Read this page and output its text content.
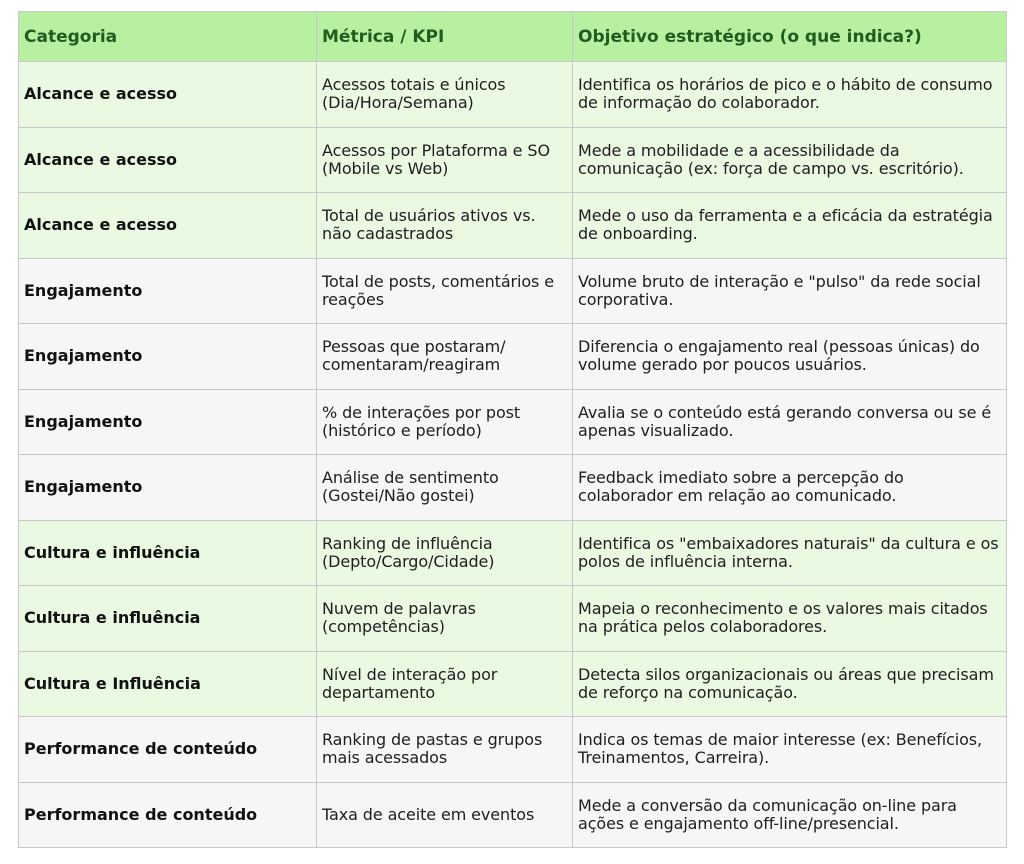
Categoria	Métrica / KPI	Objetivo estratégico (o que indica?)
Alcance e acesso	Acessos totais e únicos (Dia/Hora/Semana)	Identifica os horários de pico e o hábito de consumo de informação do colaborador.
Alcance e acesso	Acessos por Plataforma e SO (Mobile vs Web)	Mede a mobilidade e a acessibilidade da comunicação (ex: força de campo vs. escritório).
Alcance e acesso	Total de usuários ativos vs. não cadastrados	Mede o uso da ferramenta e a eficácia da estratégia de onboarding.
Engajamento	Total de posts, comentários e reações	Volume bruto de interação e "pulso" da rede social corporativa.
Engajamento	Pessoas que postaram/ comentaram/reagiram	Diferencia o engajamento real (pessoas únicas) do volume gerado por poucos usuários.
Engajamento	% de interações por post (histórico e período)	Avalia se o conteúdo está gerando conversa ou se é apenas visualizado.
Engajamento	Análise de sentimento (Gostei/Não gostei)	Feedback imediato sobre a percepção do colaborador em relação ao comunicado.
Cultura e influência	Ranking de influência (Depto/Cargo/Cidade)	Identifica os "embaixadores naturais" da cultura e os polos de influência interna.
Cultura e influência	Nuvem de palavras (competências)	Mapeia o reconhecimento e os valores mais citados na prática pelos colaboradores.
Cultura e Influência	Nível de interação por departamento	Detecta silos organizacionais ou áreas que precisam de reforço na comunicação.
Performance de conteúdo	Ranking de pastas e grupos mais acessados	Indica os temas de maior interesse (ex: Benefícios, Treinamentos, Carreira).
Performance de conteúdo	Taxa de aceite em eventos	Mede a conversão da comunicação on-line para ações e engajamento off-line/presencial.
